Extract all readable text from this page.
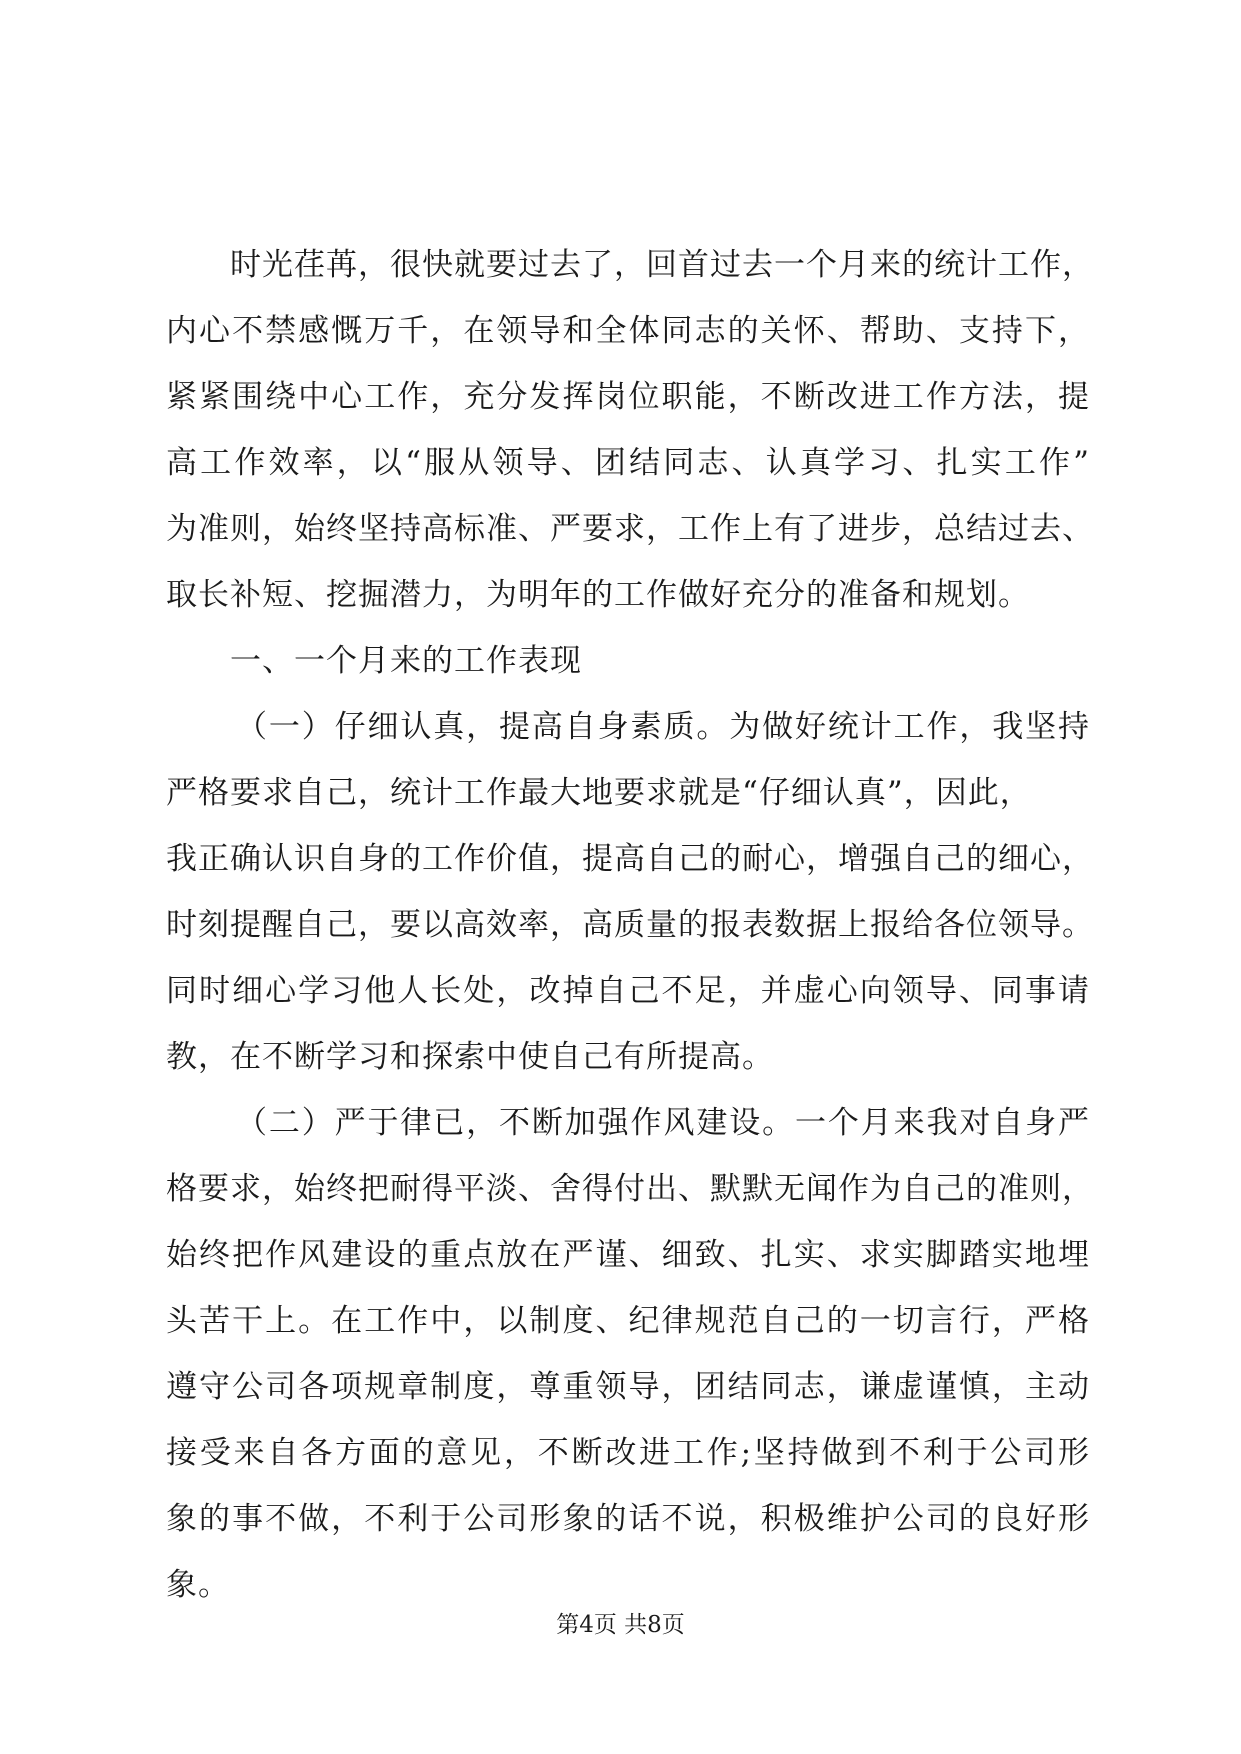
时光荏苒，很快就要过去了，回首过去一个月来的统计工作，
内心不禁感慨万千，在领导和全体同志的关怀、帮助、支持下，
紧紧围绕中心工作，充分发挥岗位职能，不断改进工作方法，提
高工作效率，以“服从领导、团结同志、认真学习、扎实工作”
为准则，始终坚持高标准、严要求，工作上有了进步，总结过去、
取长补短、挖掘潜力，为明年的工作做好充分的准备和规划。
一、一个月来的工作表现
（一）仔细认真，提高自身素质。为做好统计工作，我坚持
严格要求自己，统计工作最大地要求就是“仔细认真”，因此，
我正确认识自身的工作价值，提高自己的耐心，增强自己的细心，
时刻提醒自己，要以高效率，高质量的报表数据上报给各位领导。
同时细心学习他人长处，改掉自己不足，并虚心向领导、同事请
教，在不断学习和探索中使自己有所提高。
（二）严于律已，不断加强作风建设。一个月来我对自身严
格要求，始终把耐得平淡、舍得付出、默默无闻作为自己的准则，
始终把作风建设的重点放在严谨、细致、扎实、求实脚踏实地埋
头苦干上。在工作中，以制度、纪律规范自己的一切言行，严格
遵守公司各项规章制度，尊重领导，团结同志，谦虚谨慎，主动
接受来自各方面的意见，不断改进工作;坚持做到不利于公司形
象的事不做，不利于公司形象的话不说，积极维护公司的良好形
象。
第4页 共8页
